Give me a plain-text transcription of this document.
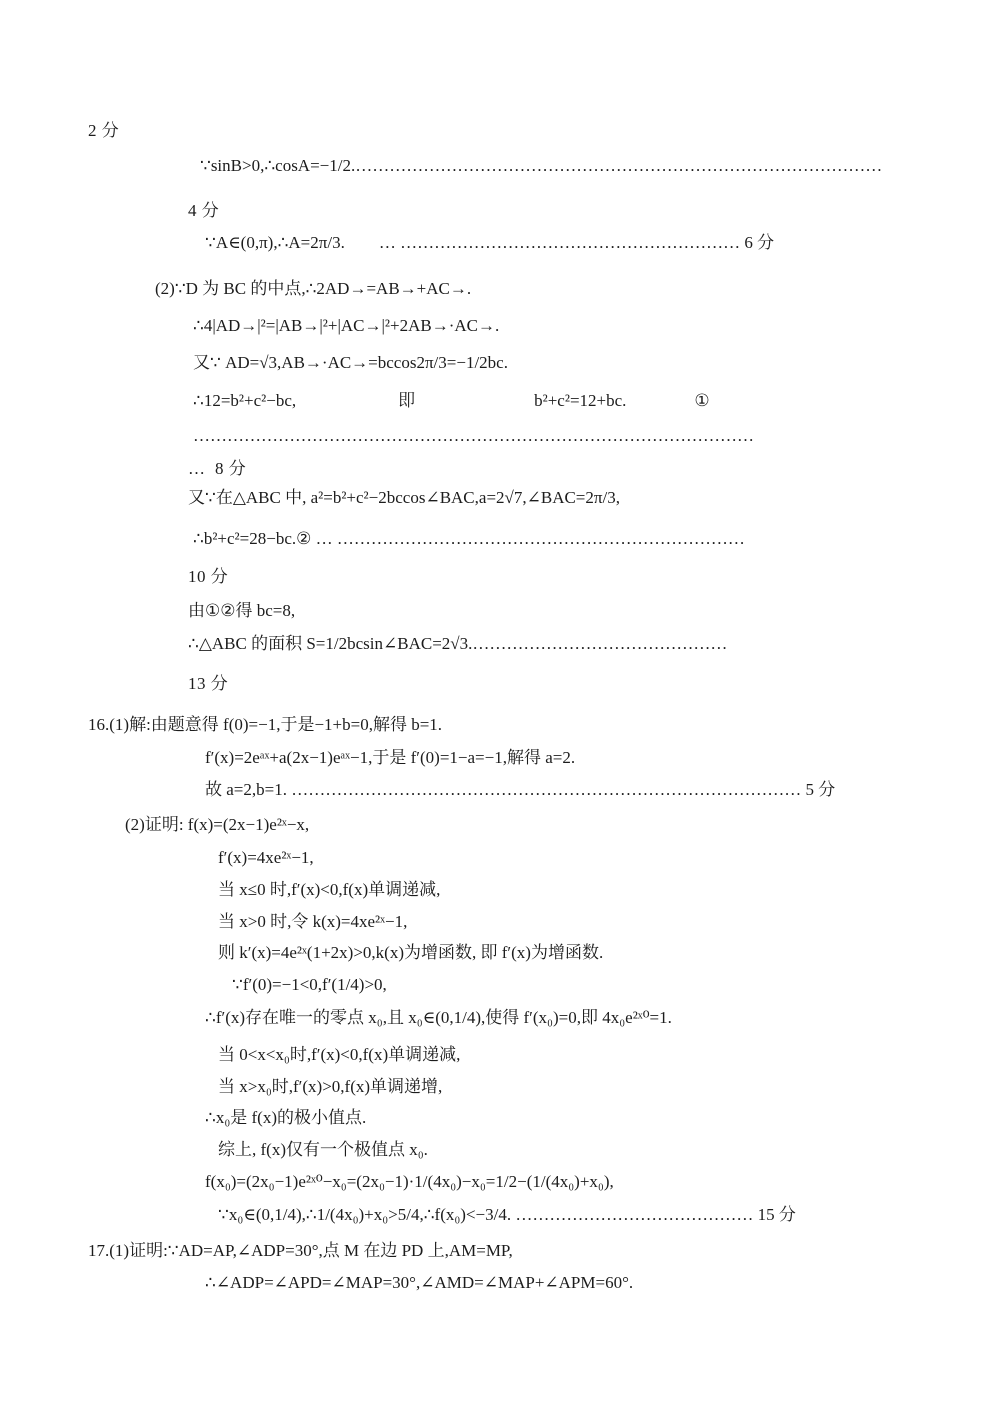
2 分
∵sinB>0,∴cosA=−1/2.…………………………………………………………………………………
4 分
∵A∈(0,π),∴A=2π/3.        … …………………………………………………… 6 分
(2)∵D 为 BC 的中点,∴2AD→=AB→+AC→.
∴4|AD→|²=|AB→|²+|AC→|²+2AB→·AC→.
又∵ AD=√3,AB→·AC→=bccos2π/3=−1/2bc.
∴12=b²+c²−bc,                        即                            b²+c²=12+bc.                ①
………………………………………………………………………………………
…  8 分
又∵在△ABC 中, a²=b²+c²−2bccos∠BAC,a=2√7,∠BAC=2π/3,
∴b²+c²=28−bc.② … ………………………………………………………………
10 分
由①②得 bc=8,
∴△ABC 的面积 S=1/2bcsin∠BAC=2√3.………………………………………
13 分
16.(1)解:由题意得 f(0)=−1,于是−1+b=0,解得 b=1.
f′(x)=2eᵃˣ+a(2x−1)eᵃˣ−1,于是 f′(0)=1−a=−1,解得 a=2.
故 a=2,b=1. ……………………………………………………………………………… 5 分
(2)证明: f(x)=(2x−1)e²ˣ−x,
f′(x)=4xe²ˣ−1,
当 x≤0 时,f′(x)<0,f(x)单调递减,
当 x>0 时,令 k(x)=4xe²ˣ−1,
则 k′(x)=4e²ˣ(1+2x)>0,k(x)为增函数, 即 f′(x)为增函数.
∵f′(0)=−1<0,f′(1/4)>0,
∴f′(x)存在唯一的零点 x₀,且 x₀∈(0,1/4),使得 f′(x₀)=0,即 4x₀e²ˣ⁰=1.
当 0<x<x₀时,f′(x)<0,f(x)单调递减,
当 x>x₀时,f′(x)>0,f(x)单调递增,
∴x₀是 f(x)的极小值点.
综上, f(x)仅有一个极值点 x₀.
f(x₀)=(2x₀−1)e²ˣ⁰−x₀=(2x₀−1)·1/(4x₀)−x₀=1/2−(1/(4x₀)+x₀),
∵x₀∈(0,1/4),∴1/(4x₀)+x₀>5/4,∴f(x₀)<−3/4. …………………………………… 15 分
17.(1)证明:∵AD=AP,∠ADP=30°,点 M 在边 PD 上,AM=MP,
∴∠ADP=∠APD=∠MAP=30°,∠AMD=∠MAP+∠APM=60°.
